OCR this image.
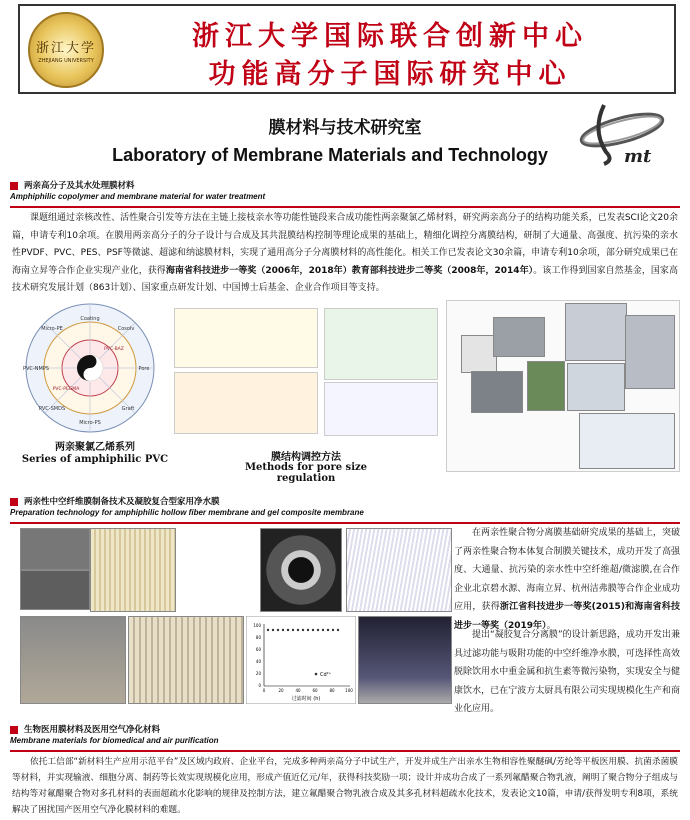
浙江大学
ZHEJIANG UNIVERSITY
浙江大学国际联合创新中心
功能高分子国际研究中心
膜材料与技术研究室
Laboratory of Membrane Materials and Technology	mt
两亲高分子及其水处理膜材料
Amphiphilic copolymer and membrane material for water treatment
课题组通过亲核改性、活性聚合引发等方法在主链上接枝亲水等功能性链段来合成功能性两亲聚氯乙烯材料，研究两亲高分子的结构功能关系，已发表SCI论文20余篇，申请专利10余项。在膜用两亲高分子的分子设计与合成及其共混膜结构控制等理论成果的基础上，精细化调控分离膜结构，研制了大通量、高强度、抗污染的亲水性PVDF、PVC、PES、PSF等微滤、超滤和纳滤膜材料，实现了通用高分子分离膜材料的高性能化。相关工作已发表论文30余篇，申请专利10余项，部分研究成果已在海南立昇等合作企业实现产业化，获得海南省科技进步一等奖（2006年，2018年）教育部科技进步二等奖（2008年，2014年）。该工作得到国家自然基金，国家高技术研究发展计划（863计划）、国家重点研发计划、中国博士后基金、企业合作项目等支持。
Coating
Cosolv
Pore
Graft
Micro-PS
PVC-SMDS
PVC-NMPS
Micro-PE
PVC-BAZ
PVC-PEGMA
两亲聚氯乙烯系列
Series of amphiphilic PVC	膜结构调控方法
Methods for pore size regulation
两亲性中空纤维膜制备技术及凝胶复合型家用净水膜
Preparation technology for amphiphilic hollow fiber membrane and gel composite membrane
100
80
60
40
20
0
0	20	40	60	80	100
Cd²⁺
过滤时间 (h)
在两亲性聚合物分离膜基础研究成果的基础上，突破了两亲性聚合物本体复合制膜关键技术，成功开发了高强度、大通量、抗污染的亲水性中空纤维超/微滤膜,在合作企业北京碧水源、海南立昇、杭州洁弗膜等合作企业成功应用，获得浙江省科技进步一等奖(2015)和海南省科技进步一等奖（2019年）。
提出“凝胶复合分离膜”的设计新思路，成功开发出兼具过滤功能与吸附功能的中空纤维净水膜，可选择性高效脱除饮用水中重金属和抗生素等微污染物，实现安全与健康饮水，已在宁波方太厨具有限公司实现规模化生产和商业化应用。
生物医用膜材料及医用空气净化材料
Membrane materials for biomedical and air purification
依托工信部“新材料生产应用示范平台”及区域内政府、企业平台，完成多种两亲高分子中试生产，开发并成生产出亲水生物相容性聚醚砜/芳纶等平板医用膜、抗菌杀菌膜等材料，并实现输液、细胞分离、制药等长效实现规模化应用，形成产值近亿元/年，获得科技奖励一项；设计并成功合成了一系列氟醋聚合物乳液，阐明了聚合物分子组成与结构等对氟醋聚合物对多孔材料的表面超疏水化影响的规律及控制方法，建立氟醋聚合物乳液合成及其多孔材料超疏水化技术，发表论文10篇，申请/获得发明专利8项，系统解决了困扰国产医用空气净化膜材料的难题。
